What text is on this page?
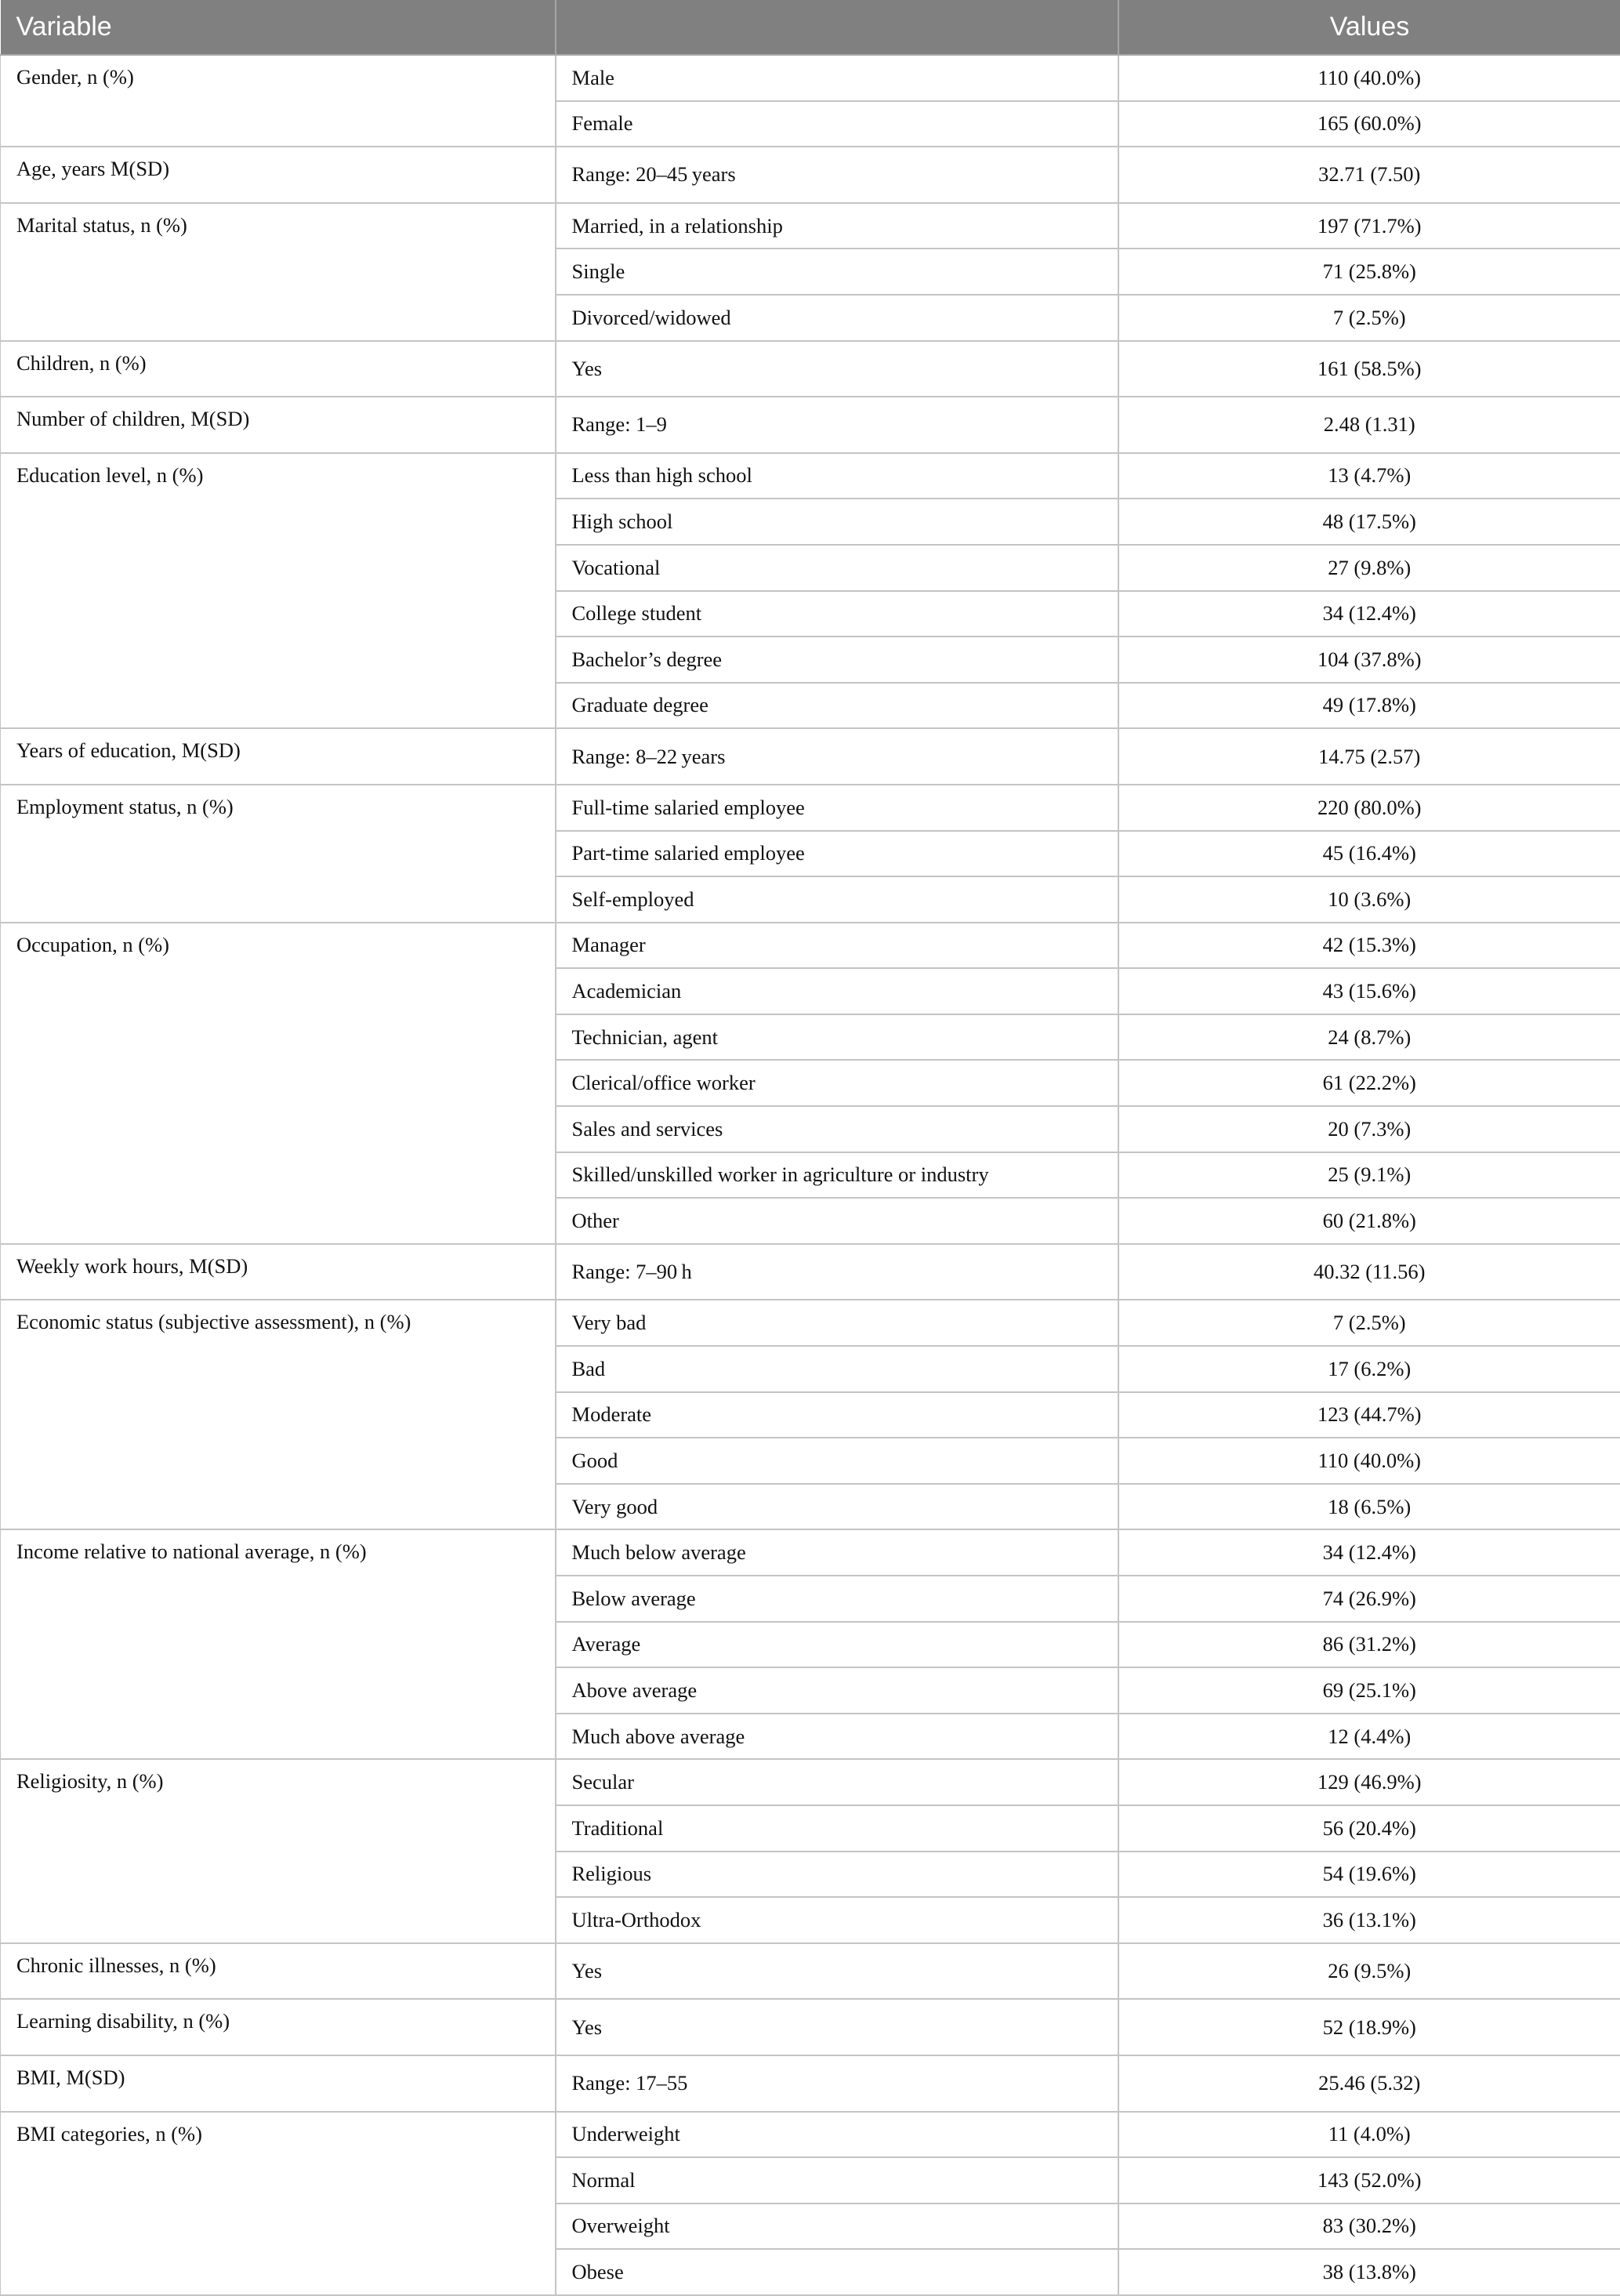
Variable		Values
Gender, n (%)	Male	110 (40.0%)
	Female	165 (60.0%)
Age, years M(SD)	Range: 20–45 years	32.71 (7.50)
Marital status, n (%)	Married, in a relationship	197 (71.7%)
	Single	71 (25.8%)
	Divorced/widowed	7 (2.5%)
Children, n (%)	Yes	161 (58.5%)
Number of children, M(SD)	Range: 1–9	2.48 (1.31)
Education level, n (%)	Less than high school	13 (4.7%)
	High school	48 (17.5%)
	Vocational	27 (9.8%)
	College student	34 (12.4%)
	Bachelor’s degree	104 (37.8%)
	Graduate degree	49 (17.8%)
Years of education, M(SD)	Range: 8–22 years	14.75 (2.57)
Employment status, n (%)	Full-time salaried employee	220 (80.0%)
	Part-time salaried employee	45 (16.4%)
	Self-employed	10 (3.6%)
Occupation, n (%)	Manager	42 (15.3%)
	Academician	43 (15.6%)
	Technician, agent	24 (8.7%)
	Clerical/office worker	61 (22.2%)
	Sales and services	20 (7.3%)
	Skilled/unskilled worker in agriculture or industry	25 (9.1%)
	Other	60 (21.8%)
Weekly work hours, M(SD)	Range: 7–90 h	40.32 (11.56)
Economic status (subjective assessment), n (%)	Very bad	7 (2.5%)
	Bad	17 (6.2%)
	Moderate	123 (44.7%)
	Good	110 (40.0%)
	Very good	18 (6.5%)
Income relative to national average, n (%)	Much below average	34 (12.4%)
	Below average	74 (26.9%)
	Average	86 (31.2%)
	Above average	69 (25.1%)
	Much above average	12 (4.4%)
Religiosity, n (%)	Secular	129 (46.9%)
	Traditional	56 (20.4%)
	Religious	54 (19.6%)
	Ultra-Orthodox	36 (13.1%)
Chronic illnesses, n (%)	Yes	26 (9.5%)
Learning disability, n (%)	Yes	52 (18.9%)
BMI, M(SD)	Range: 17–55	25.46 (5.32)
BMI categories, n (%)	Underweight	11 (4.0%)
	Normal	143 (52.0%)
	Overweight	83 (30.2%)
	Obese	38 (13.8%)
